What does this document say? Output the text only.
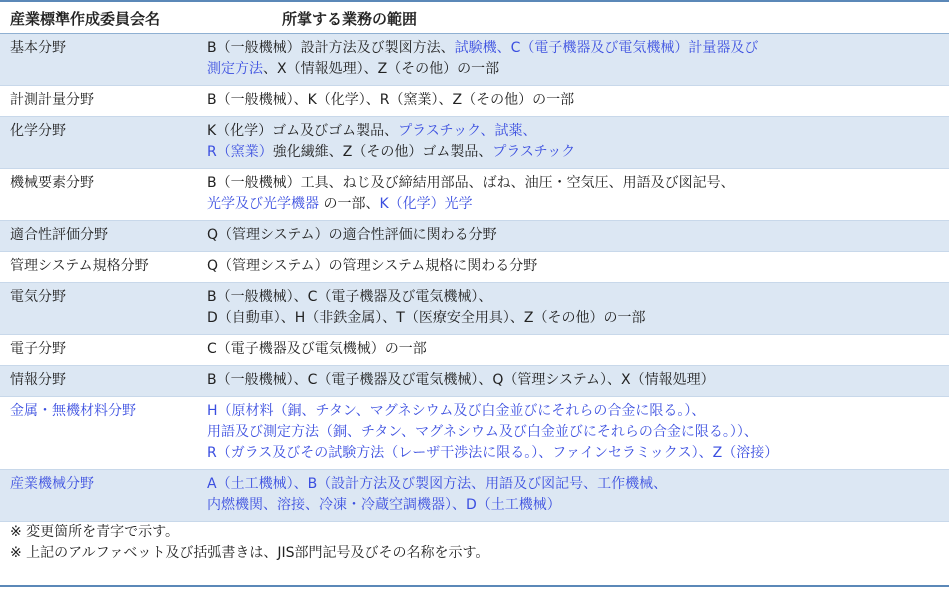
産業標準作成委員会名	所掌する業務の範囲
基本分野	B（一般機械）設計方法及び製図方法、試験機、C（電子機器及び電気機械）計量器及び
測定方法、X（情報処理）、Z（その他）の一部

計測計量分野	B（一般機械）、K（化学）、R（窯業）、Z（その他）の一部

化学分野	K（化学）ゴム及びゴム製品、プラスチック、試薬、
R（窯業）強化繊維、Z（その他）ゴム製品、プラスチック

機械要素分野	B（一般機械）工具、ねじ及び締結用部品、ばね、油圧・空気圧、用語及び図記号、
光学及び光学機器 の一部、K（化学）光学

適合性評価分野	Q（管理システム）の適合性評価に関わる分野

管理システム規格分野	Q（管理システム）の管理システム規格に関わる分野

電気分野	B（一般機械）、C（電子機器及び電気機械）、
D（自動車）、H（非鉄金属）、T（医療安全用具）、Z（その他）の一部

電子分野	C（電子機器及び電気機械）の一部

情報分野	B（一般機械）、C（電子機器及び電気機械）、Q（管理システム）、X（情報処理）

金属・無機材料分野	H（原材料（銅、チタン、マグネシウム及び白金並びにそれらの合金に限る。）、
用語及び測定方法（銅、チタン、マグネシウム及び白金並びにそれらの合金に限る。））、
R（ガラス及びその試験方法（レーザ干渉法に限る。）、ファインセラミックス）、Z（溶接）

産業機械分野	A（土工機械）、B（設計方法及び製図方法、用語及び図記号、工作機械、
内燃機関、溶接、冷凍・冷蔵空調機器）、D（土工機械）
※ 変更箇所を青字で示す。
※ 上記のアルファベット及び括弧書きは、JIS部門記号及びその名称を示す。
